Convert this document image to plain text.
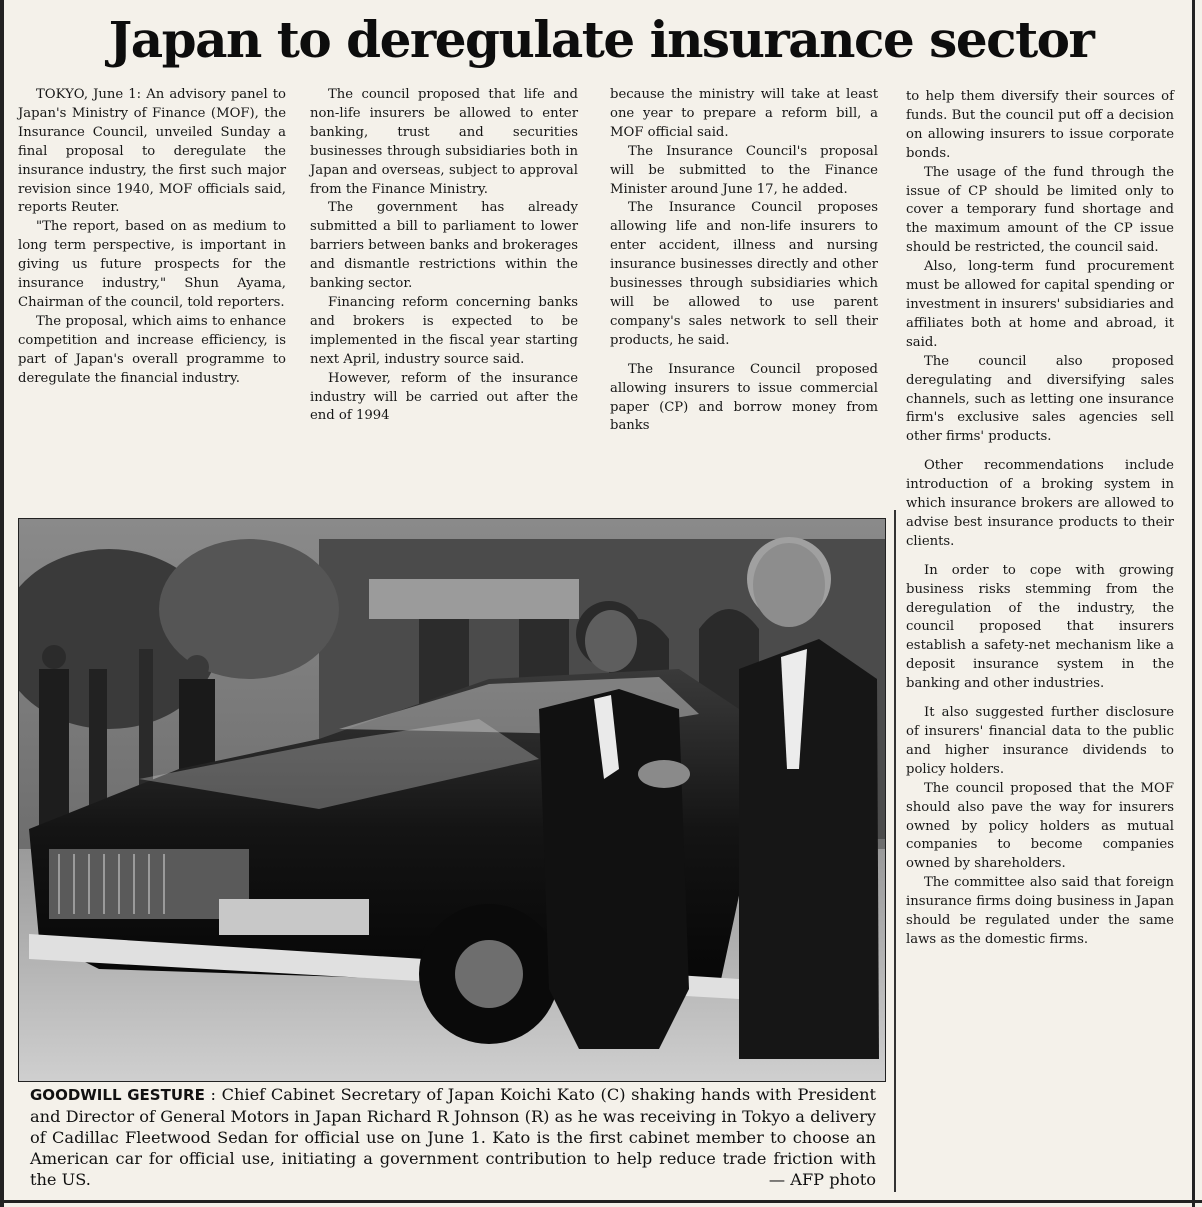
Japan to deregulate insurance sector

TOKYO, June 1: An advisory panel to Japan's Ministry of Finance (MOF), the Insurance Council, unveiled Sunday a final proposal to deregulate the insurance industry, the first such major revision since 1940, MOF officials said, reports Reuter.

"The report, based on as medium to long term perspective, is important in giving us future prospects for the insurance industry," Shun Ayama, Chairman of the council, told reporters.

The proposal, which aims to enhance competition and increase efficiency, is part of Japan's overall programme to deregulate the financial industry.

The council proposed that life and non-life insurers be allowed to enter banking, trust and securities businesses through subsidiaries both in Japan and overseas, subject to approval from the Finance Ministry.

The government has already submitted a bill to parliament to lower barriers between banks and brokerages and dismantle restrictions within the banking sector.

Financing reform concerning banks and brokers is expected to be implemented in the fiscal year starting next April, industry source said.

However, reform of the insurance industry will be carried out after the end of 1994

because the ministry will take at least one year to prepare a reform bill, a MOF official said.

The Insurance Council's proposal will be submitted to the Finance Minister around June 17, he added.

The Insurance Council proposes allowing life and non-life insurers to enter accident, illness and nursing insurance businesses directly and other businesses through subsidiaries which will be allowed to use parent company's sales network to sell their products, he said.

The Insurance Council proposed allowing insurers to issue commercial paper (CP) and borrow money from banks

to help them diversify their sources of funds. But the council put off a decision on allowing insurers to issue corporate bonds.

The usage of the fund through the issue of CP should be limited only to cover a temporary fund shortage and the maximum amount of the CP issue should be restricted, the council said.

Also, long-term fund procurement must be allowed for capital spending or investment in insurers' subsidiaries and affiliates both at home and abroad, it said.

The council also proposed deregulating and diversifying sales channels, such as letting one insurance firm's exclusive sales agencies sell other firms' products.

Other recommendations include introduction of a broking system in which insurance brokers are allowed to advise best insurance products to their clients.

In order to cope with growing business risks stemming from the deregulation of the industry, the council proposed that insurers establish a safety-net mechanism like a deposit insurance system in the banking and other industries.

It also suggested further disclosure of insurers' financial data to the public and higher insurance dividends to policy holders.

The council proposed that the MOF should also pave the way for insurers owned by policy holders as mutual companies to become companies owned by shareholders.

The committee also said that foreign insurance firms doing business in Japan should be regulated under the same laws as the domestic firms.

GOODWILL GESTURE : Chief Cabinet Secretary of Japan Koichi Kato (C) shaking hands with President and Director of General Motors in Japan Richard R Johnson (R) as he was receiving in Tokyo a delivery of Cadillac Fleetwood Sedan for official use on June 1. Kato is the first cabinet member to choose an American car for official use, initiating a government contribution to help reduce trade friction with the US.	— AFP photo
